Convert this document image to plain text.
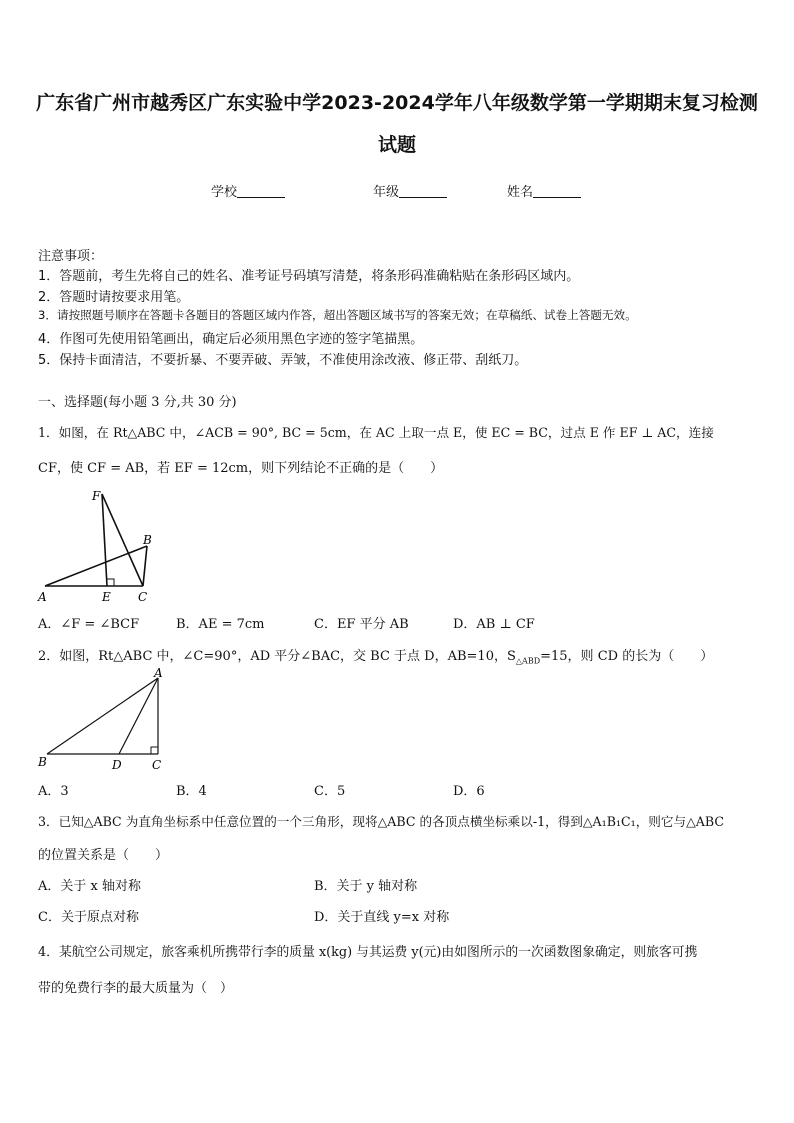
广东省广州市越秀区广东实验中学2023-2024学年八年级数学第一学期期末复习检测
试题
学校	年级	姓名
注意事项：
1．答题前，考生先将自己的姓名、准考证号码填写清楚，将条形码准确粘贴在条形码区域内。
2．答题时请按要求用笔。
3．请按照题号顺序在答题卡各题目的答题区域内作答，超出答题区域书写的答案无效；在草稿纸、试卷上答题无效。
4．作图可先使用铅笔画出，确定后必须用黑色字迹的签字笔描黑。
5．保持卡面清洁，不要折暴、不要弄破、弄皱，不准使用涂改液、修正带、刮纸刀。
一、选择题(每小题 3 分,共 30 分)
1．如图，在 Rt△ABC 中，∠ACB = 90°, BC = 5cm，在 AC 上取一点 E，使 EC = BC，过点 E 作 EF ⊥ AC，连接
CF，使 CF = AB，若 EF = 12cm，则下列结论不正确的是（　　）
F
B
A	E C
A．∠F = ∠BCF	B．AE = 7cm	C．EF 平分 AB	D．AB ⊥ CF
2．如图，Rt△ABC 中，∠C=90°，AD 平分∠BAC，交 BC 于点 D，AB=10，$S_{\triangle ABD}=15$，则 CD 的长为（　　）
A
B	D	C
A．3	B．4	C．5	D．6
3．已知△ABC 为直角坐标系中任意位置的一个三角形，现将△ABC 的各顶点横坐标乘以-1，得到△A₁B₁C₁，则它与△ABC
的位置关系是（　　）
A．关于 x 轴对称	B．关于 y 轴对称
C．关于原点对称	D．关于直线 y=x 对称
4．某航空公司规定，旅客乘机所携带行李的质量 x(kg) 与其运费 y(元)由如图所示的一次函数图象确定，则旅客可携
带的免费行李的最大质量为（　）
